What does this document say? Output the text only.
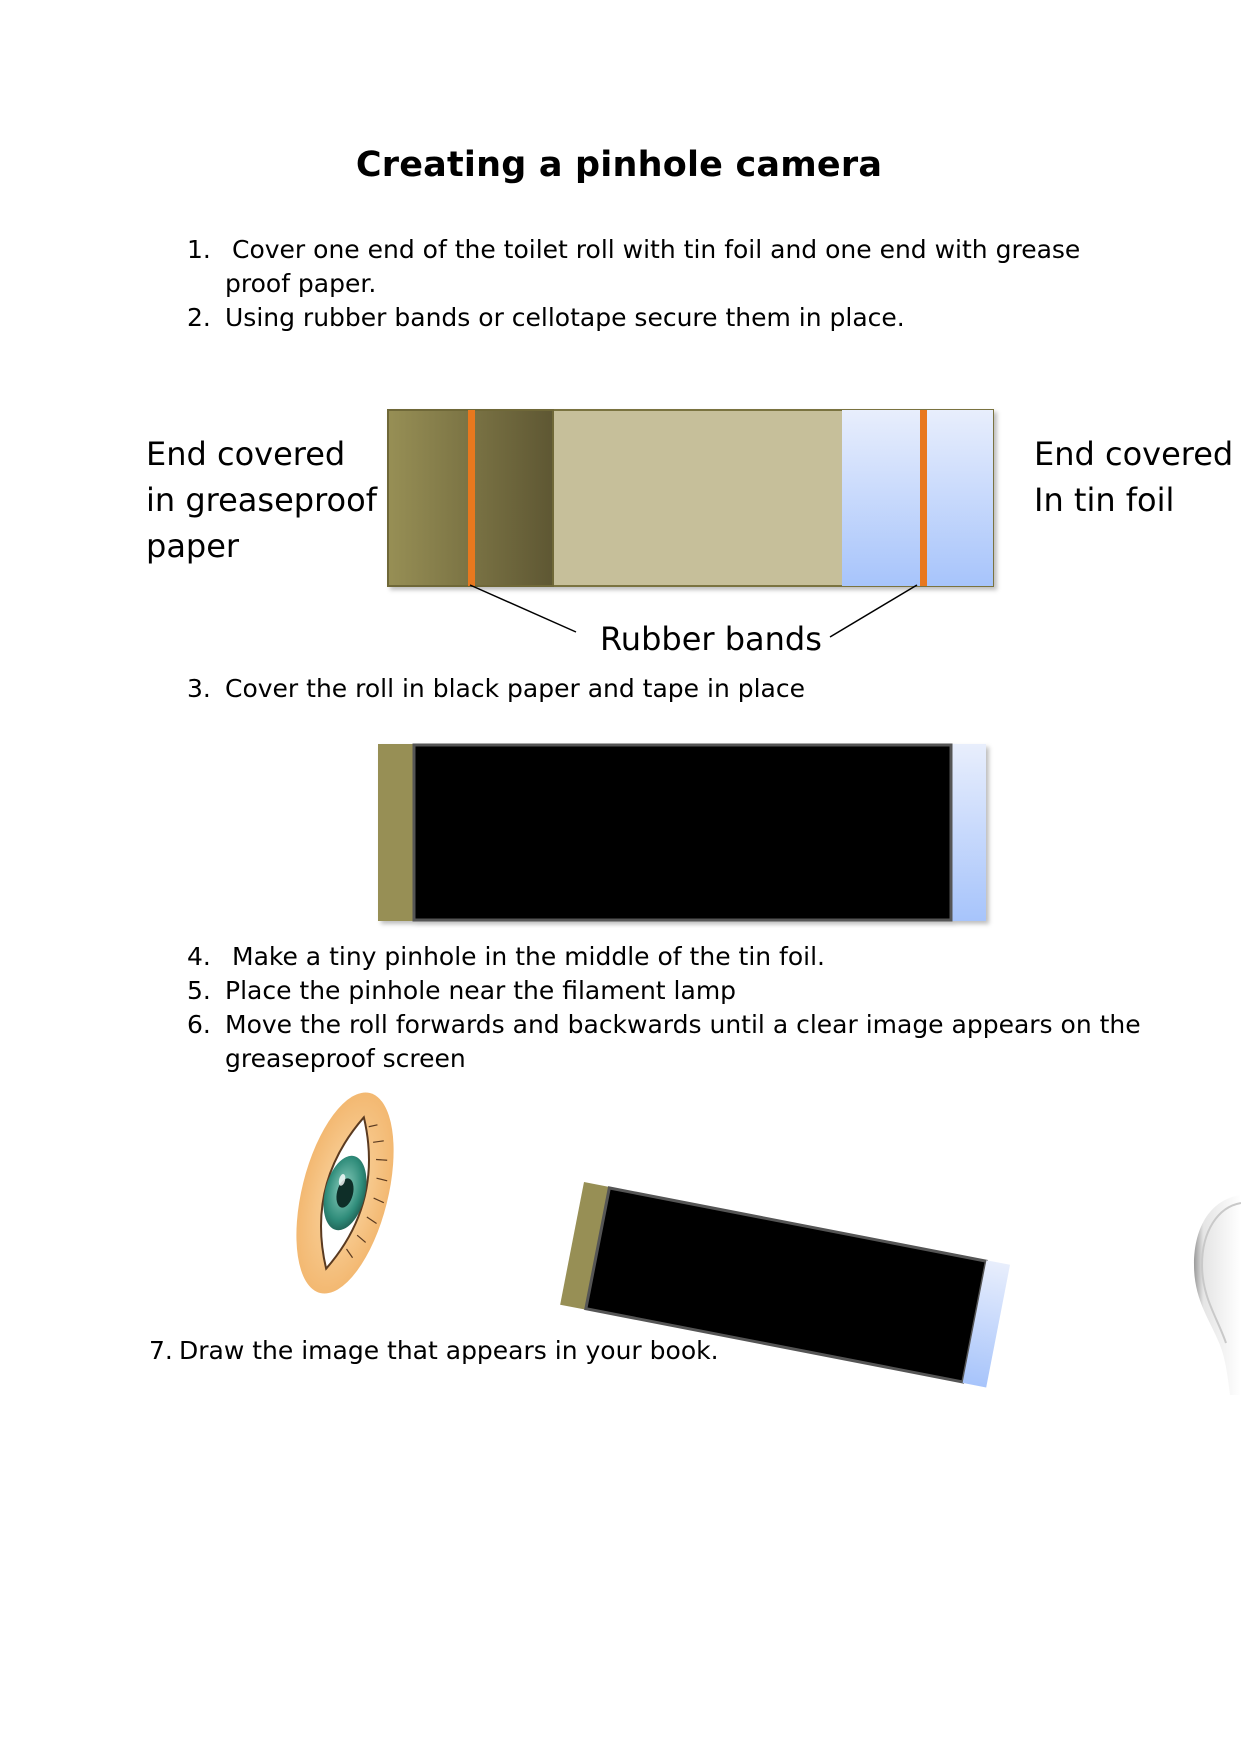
Creating a pinhole camera
1. Cover one end of the toilet roll with tin foil and one end with grease
proof paper.
2. Using rubber bands or cellotape secure them in place.
End covered
in greaseproof
paper
End covered
In tin foil
Rubber bands
3. Cover the roll in black paper and tape in place
4. Make a tiny pinhole in the middle of the tin foil.
5. Place the pinhole near the filament lamp
6. Move the roll forwards and backwards until a clear image appears on the
greaseproof screen
7. Draw the image that appears in your book.
